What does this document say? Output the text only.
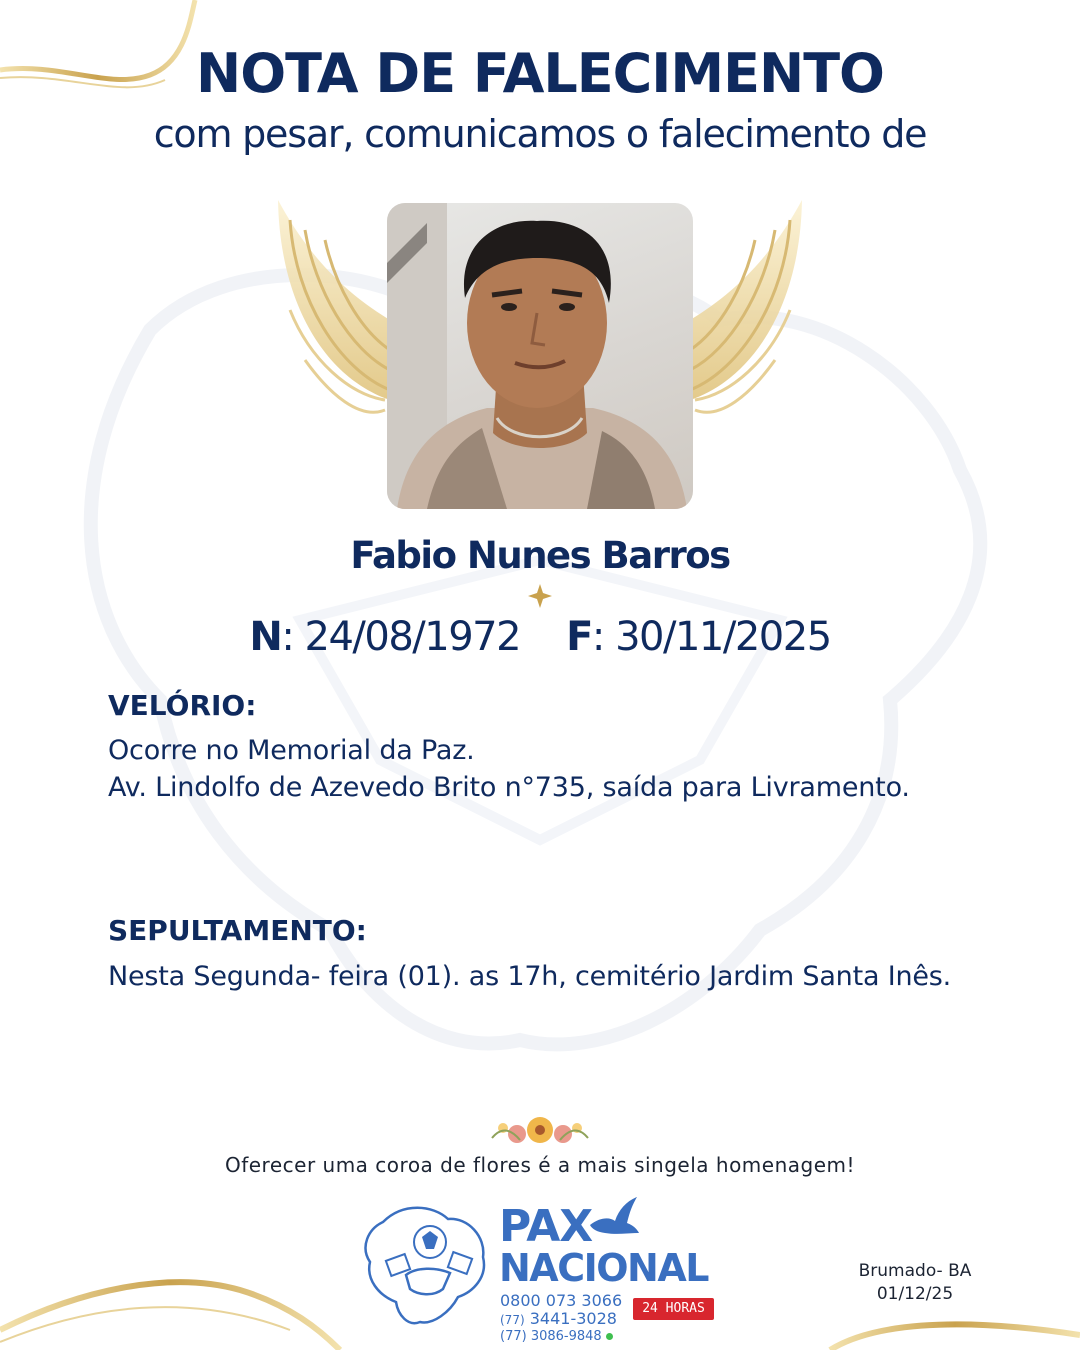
NOTA DE FALECIMENTO
com pesar, comunicamos o falecimento de
Fabio Nunes Barros
N: 24/08/1972 F: 30/11/2025
VELÓRIO:
Ocorre no Memorial da Paz.
Av. Lindolfo de Azevedo Brito n°735, saída para Livramento.
SEPULTAMENTO:
Nesta Segunda- feira (01). as 17h, cemitério Jardim Santa Inês.
Oferecer uma coroa de flores é a mais singela homenagem!
PAX
NACIONAL
0800 073 3066
(77) 3441-3028
(77) 3086-9848
24 HORAS
Brumado- BA
01/12/25
